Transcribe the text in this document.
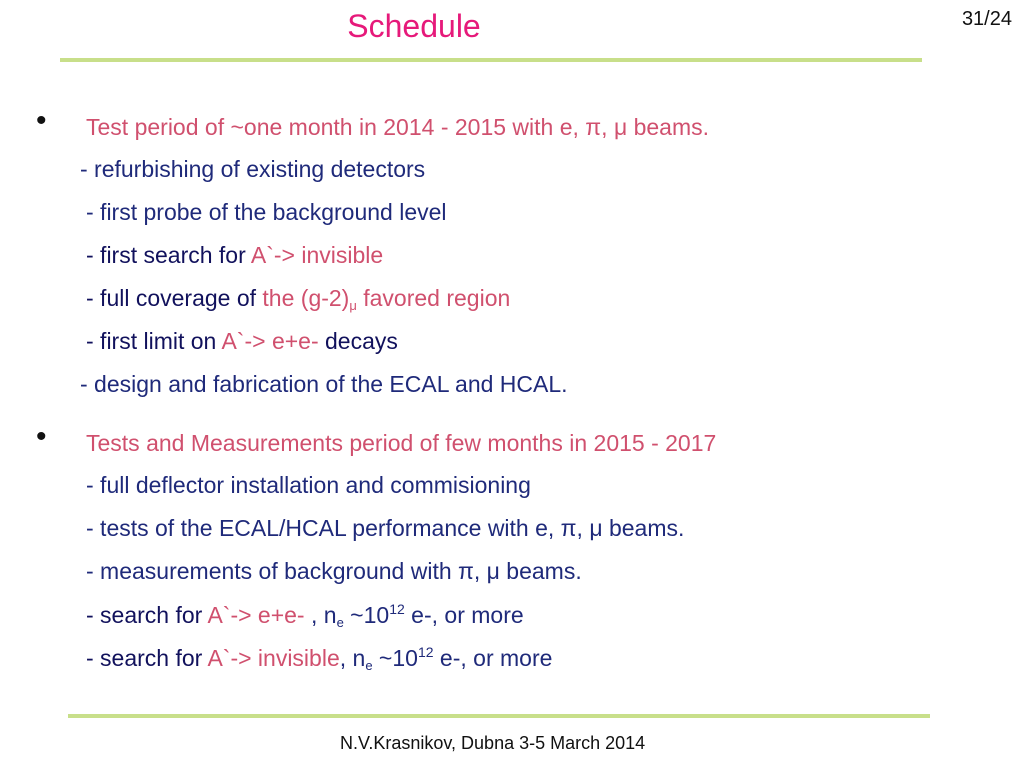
Schedule	31/24
• Test period of ~one month in 2014 - 2015 with e, π, μ beams.
- refurbishing of existing detectors
- first probe of the background level
- first search for A`-> invisible
- full coverage of the $(g-2)_\mu$ favored region
- first limit on A`-> e+e- decays
- design and fabrication of the ECAL and HCAL.
• Tests and Measurements period of few months in 2015 - 2017
- full deflector installation and commisioning
- tests of the ECAL/HCAL performance with e, π, μ beams.
- measurements of background with π, μ beams.
- search for A`-> e+e- , $n_e$ $\sim 10^{12}$ e-, or more
- search for A`-> invisible, $n_e$ $\sim 10^{12}$ e-, or more
N.V.Krasnikov, Dubna 3-5 March 2014
